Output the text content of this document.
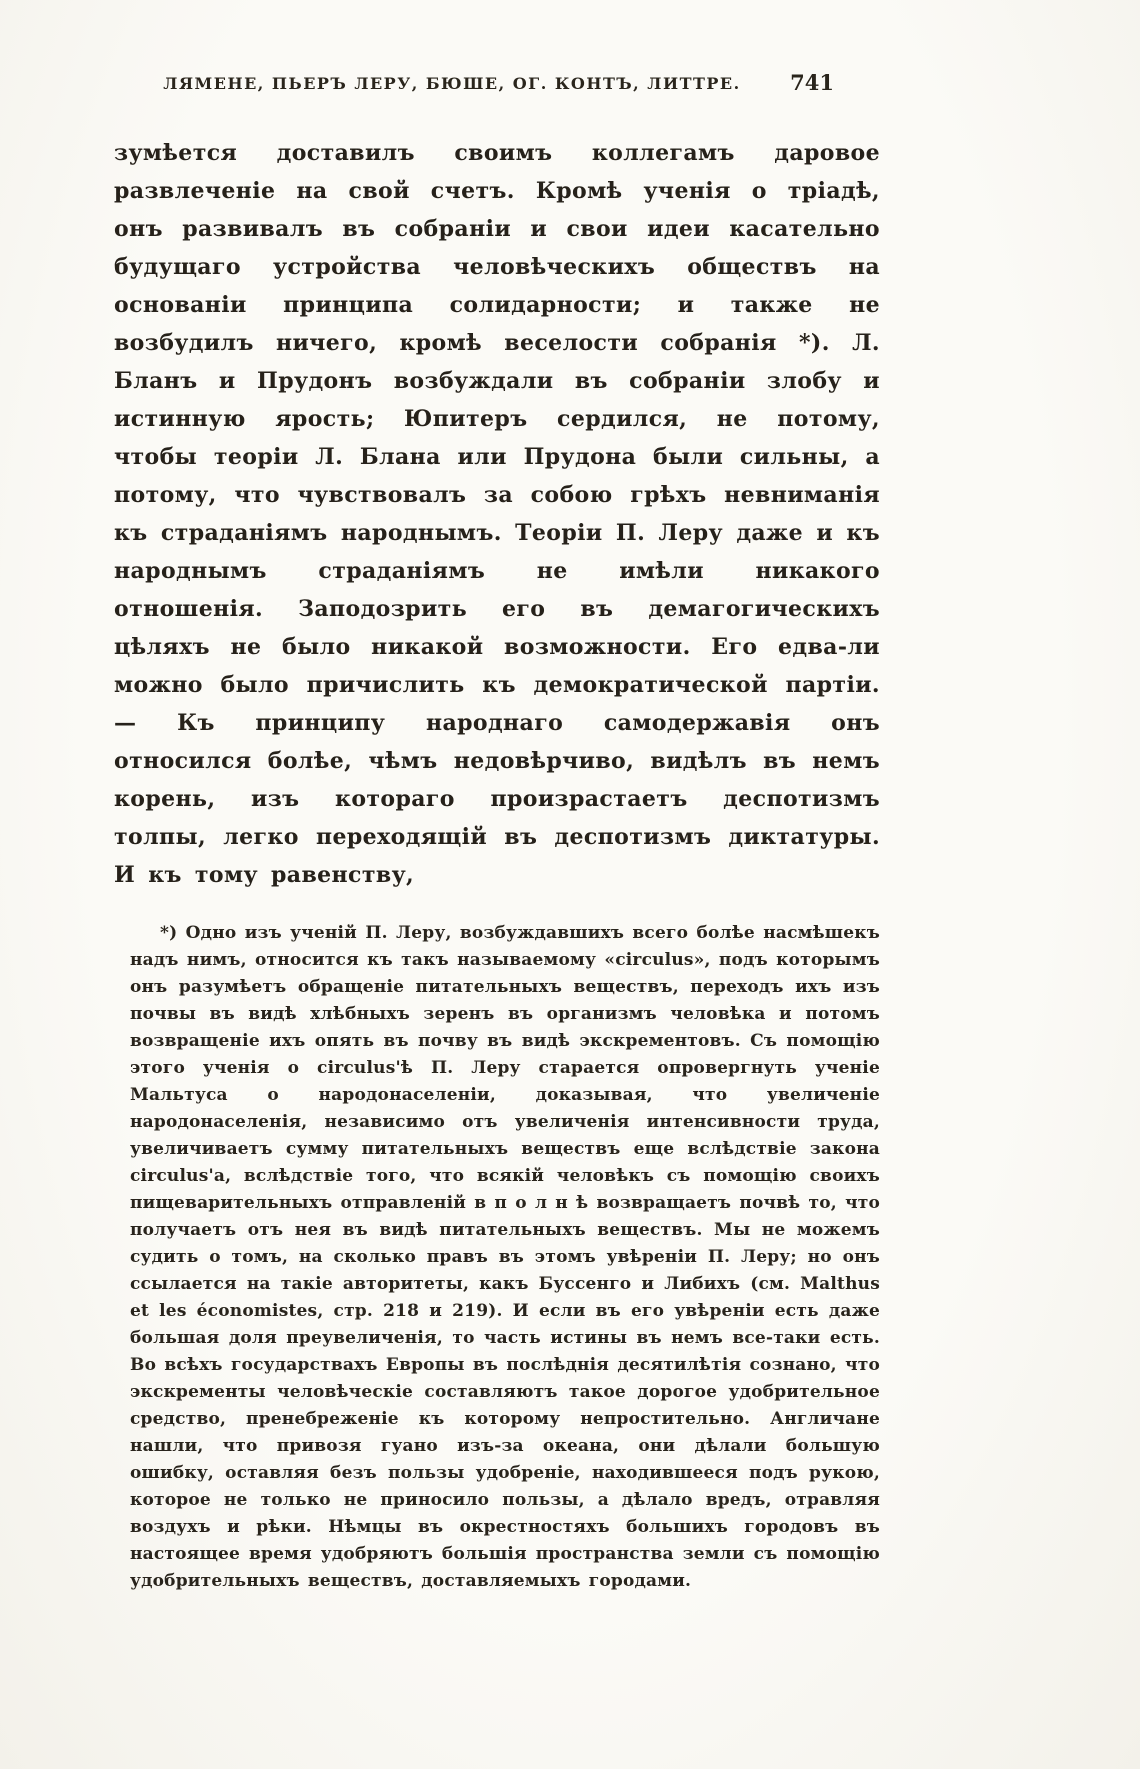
ЛЯМЕНЕ, ПЬЕРЪ ЛЕРУ, БЮШЕ, ОГ. КОНТЪ, ЛИТТРЕ.	741
зумѣется доставилъ своимъ коллегамъ даровое развлеченіе на свой счетъ. Кромѣ ученія о тріадѣ, онъ развивалъ въ собраніи и свои идеи касательно будущаго устройства человѣческихъ обществъ на основаніи принципа солидарности; и также не возбудилъ ничего, кромѣ веселости собранія *). Л. Бланъ и Прудонъ возбуждали въ собраніи злобу и истинную ярость; Юпитеръ сердился, не потому, чтобы теоріи Л. Блана или Прудона были сильны, а потому, что чувствовалъ за собою грѣхъ невниманія къ страданіямъ народнымъ. Теоріи П. Леру даже и къ народнымъ страданіямъ не имѣли никакого отношенія. Заподозрить его въ демагогическихъ цѣляхъ не было никакой возможности. Его едва-ли можно было причислить къ демократической партіи. — Къ принципу народнаго самодержавія онъ относился болѣе, чѣмъ недовѣрчиво, видѣлъ въ немъ корень, изъ котораго произрастаетъ деспотизмъ толпы, легко переходящій въ деспотизмъ диктатуры. И къ тому равенству,
*) Одно изъ ученій П. Леру, возбуждавшихъ всего болѣе насмѣшекъ надъ нимъ, относится къ такъ называемому «circulus», подъ которымъ онъ разумѣетъ обращеніе питательныхъ веществъ, переходъ ихъ изъ почвы въ видѣ хлѣбныхъ зеренъ въ организмъ человѣка и потомъ возвращеніе ихъ опять въ почву въ видѣ экскрементовъ. Съ помощію этого ученія о circulus'ѣ П. Леру старается опровергнуть ученіе Мальтуса о народонаселеніи, доказывая, что увеличеніе народонаселенія, независимо отъ увеличенія интенсивности труда, увеличиваетъ сумму питательныхъ веществъ еще вслѣдствіе закона circulus'а, вслѣдствіе того, что всякій человѣкъ съ помощію своихъ пищеварительныхъ отправленій в п о л н ѣ возвращаетъ почвѣ то, что получаетъ отъ нея въ видѣ питательныхъ веществъ. Мы не можемъ судить о томъ, на сколько правъ въ этомъ увѣреніи П. Леру; но онъ ссылается на такіе авторитеты, какъ Буссенго и Либихъ (см. Malthus et les économistes, стр. 218 и 219). И если въ его увѣреніи есть даже большая доля преувеличенія, то часть истины въ немъ все-таки есть. Во всѣхъ государствахъ Европы въ послѣднія десятилѣтія сознано, что экскременты человѣческіе составляютъ такое дорогое удобрительное средство, пренебреженіе къ которому непростительно. Англичане нашли, что привозя гуано изъ-за океана, они дѣлали большую ошибку, оставляя безъ пользы удобреніе, находившееся подъ рукою, которое не только не приносило пользы, а дѣлало вредъ, отравляя воздухъ и рѣки. Нѣмцы въ окрестностяхъ большихъ городовъ въ настоящее время удобряютъ большія пространства земли съ помощію удобрительныхъ веществъ, доставляемыхъ городами.
